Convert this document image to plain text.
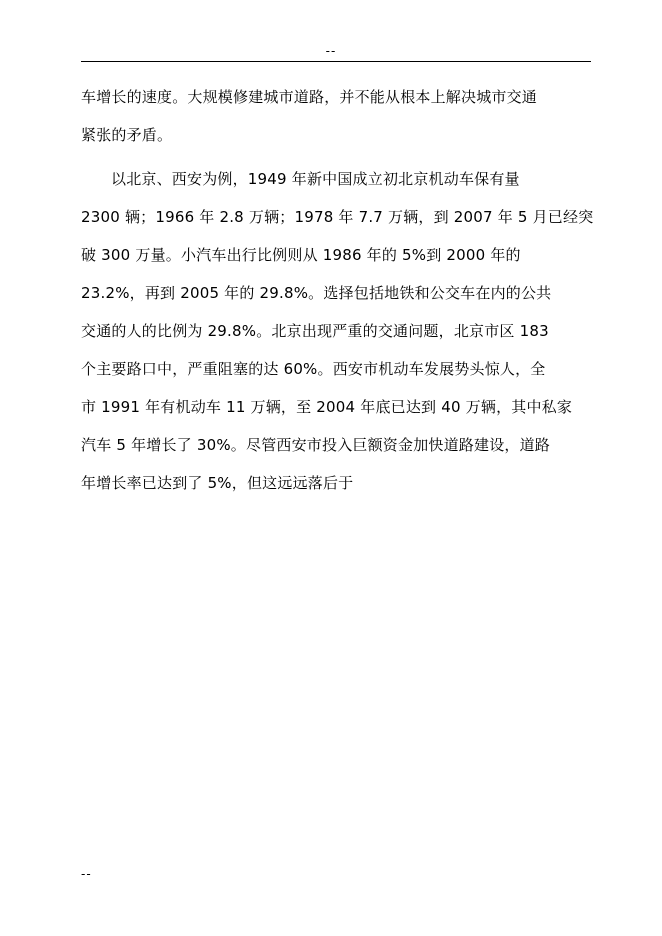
--
车增长的速度。大规模修建城市道路，并不能从根本上解决城市交通
紧张的矛盾。
以北京、西安为例，1949 年新中国成立初北京机动车保有量
2300 辆；1966 年 2.8 万辆；1978 年 7.7 万辆，到 2007 年 5 月已经突
破 300 万量。小汽车出行比例则从 1986 年的 5%到 2000 年的
23.2%，再到 2005 年的 29.8%。选择包括地铁和公交车在内的公共
交通的人的比例为 29.8%。北京出现严重的交通问题，北京市区 183
个主要路口中，严重阻塞的达 60%。西安市机动车发展势头惊人，全
市 1991 年有机动车 11 万辆，至 2004 年底已达到 40 万辆，其中私家
汽车 5 年增长了 30%。尽管西安市投入巨额资金加快道路建设，道路
年增长率已达到了 5%，但这远远落后于
--
